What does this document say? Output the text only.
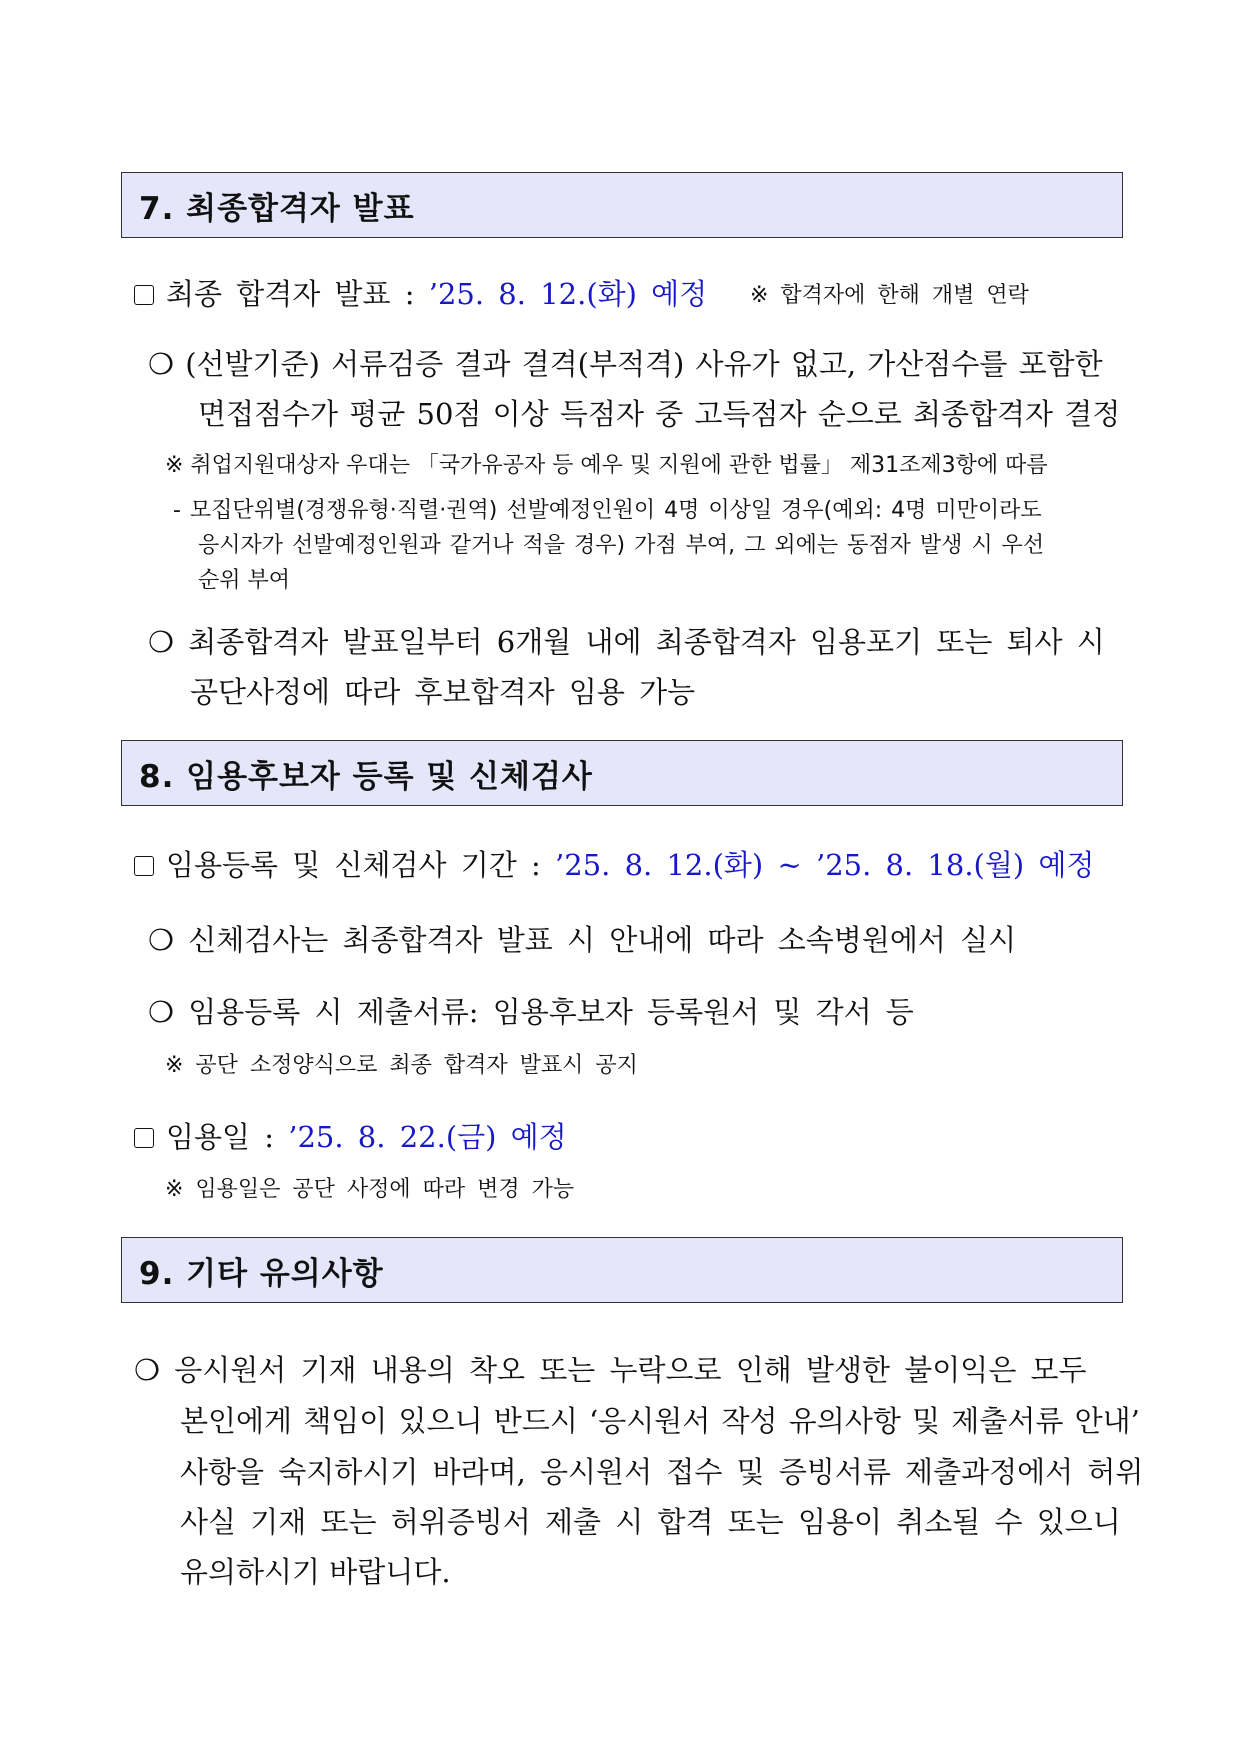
7. 최종합격자 발표
최종 합격자 발표 : ’25. 8. 12.(화) 예정 ※ 합격자에 한해 개별 연락
❍ (선발기준) 서류검증 결과 결격(부적격) 사유가 없고, 가산점수를 포함한
면접점수가 평균 50점 이상 득점자 중 고득점자 순으로 최종합격자 결정
※ 취업지원대상자 우대는 「국가유공자 등 예우 및 지원에 관한 법률」 제31조제3항에 따름
- 모집단위별(경쟁유형·직렬·권역) 선발예정인원이 4명 이상일 경우(예외: 4명 미만이라도
응시자가 선발예정인원과 같거나 적을 경우) 가점 부여, 그 외에는 동점자 발생 시 우선
순위 부여
❍ 최종합격자 발표일부터 6개월 내에 최종합격자 임용포기 또는 퇴사 시
공단사정에 따라 후보합격자 임용 가능
8. 임용후보자 등록 및 신체검사
임용등록 및 신체검사 기간 : ’25. 8. 12.(화) ~ ’25. 8. 18.(월) 예정
❍ 신체검사는 최종합격자 발표 시 안내에 따라 소속병원에서 실시
❍ 임용등록 시 제출서류: 임용후보자 등록원서 및 각서 등
※ 공단 소정양식으로 최종 합격자 발표시 공지
임용일 : ’25. 8. 22.(금) 예정
※ 임용일은 공단 사정에 따라 변경 가능
9. 기타 유의사항
❍ 응시원서 기재 내용의 착오 또는 누락으로 인해 발생한 불이익은 모두
본인에게 책임이 있으니 반드시 ‘응시원서 작성 유의사항 및 제출서류 안내’
사항을 숙지하시기 바라며, 응시원서 접수 및 증빙서류 제출과정에서 허위
사실 기재 또는 허위증빙서 제출 시 합격 또는 임용이 취소될 수 있으니
유의하시기 바랍니다.
